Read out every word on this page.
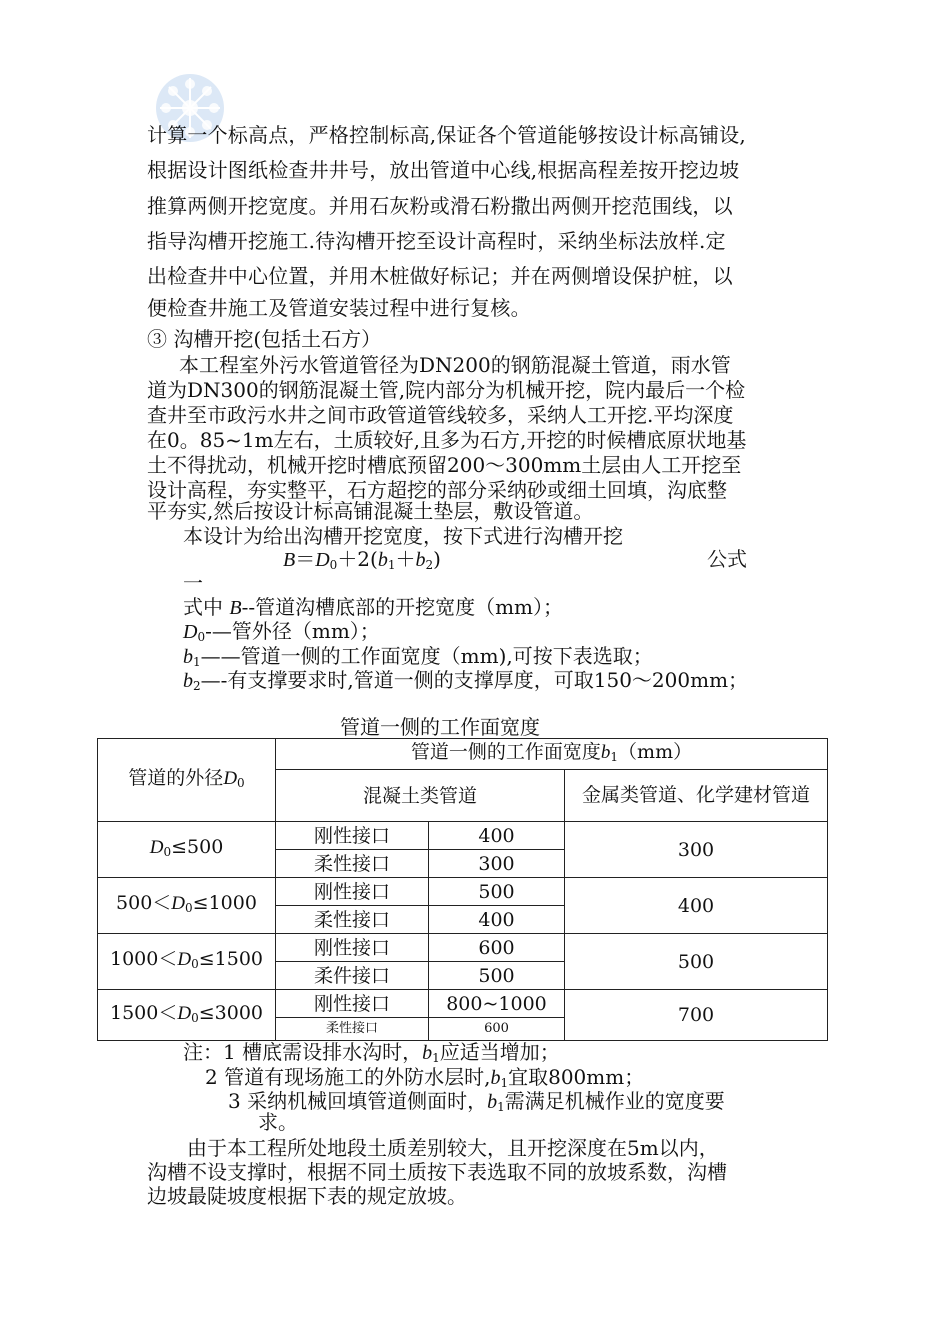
计算一个标高点，严格控制标高,保证各个管道能够按设计标高铺设,
根据设计图纸检查井井号，放出管道中心线,根据高程差按开挖边坡
推算两侧开挖宽度。并用石灰粉或滑石粉撒出两侧开挖范围线，以
指导沟槽开挖施工.待沟槽开挖至设计高程时，采纳坐标法放样.定
出检查井中心位置，并用木桩做好标记；并在两侧增设保护桩，以
便检查井施工及管道安装过程中进行复核。
③ 沟槽开挖(包括土石方）
本工程室外污水管道管径为DN200的钢筋混凝土管道，雨水管
道为DN300的钢筋混凝土管,院内部分为机械开挖，院内最后一个检
查井至市政污水井之间市政管道管线较多，采纳人工开挖.平均深度
在0。85~1m左右，土质较好,且多为石方,开挖的时候槽底原状地基
土不得扰动，机械开挖时槽底预留200～300mm土层由人工开挖至
设计高程，夯实整平，石方超挖的部分采纳砂或细土回填，沟底整
平夯实,然后按设计标高铺混凝土垫层，敷设管道。
本设计为给出沟槽开挖宽度，按下式进行沟槽开挖
$B=D_0+2(b_1+b_2)$	公式
一
式中 B--管道沟槽底部的开挖宽度（mm）；
$D_0-—$管外径（mm）；
$b_1——$管道一侧的工作面宽度（mm),可按下表选取；
$b_2—-$有支撑要求时,管道一侧的支撑厚度，可取150～200mm；
管道一侧的工作面宽度
管道的外径$D_0$	管道一侧的工作面宽度$b_1(mm)$		
	混凝土类管道		金属类管道、化学建材管道
$D_0\le 500$	刚性接口	400	300
	柔性接口	300	
$500<D_0\le 1000$	刚性接口	500	400
	柔性接口	400	
$1000<D_0\le 1500$	刚性接口	600	500
	柔件接口	500	
$1500<D_0\le 3000$	刚性接口	800~1000	700
	柔性接口	600	
注：1 槽底需设排水沟时，$b_1$应适当增加；
2 管道有现场施工的外防水层时$,b_1$宜取800mm；
3 采纳机械回填管道侧面时，$b_1$需满足机械作业的宽度要
求。
由于本工程所处地段土质差别较大，且开挖深度在5m以内，
沟槽不设支撑时，根据不同土质按下表选取不同的放坡系数，沟槽
边坡最陡坡度根据下表的规定放坡。
